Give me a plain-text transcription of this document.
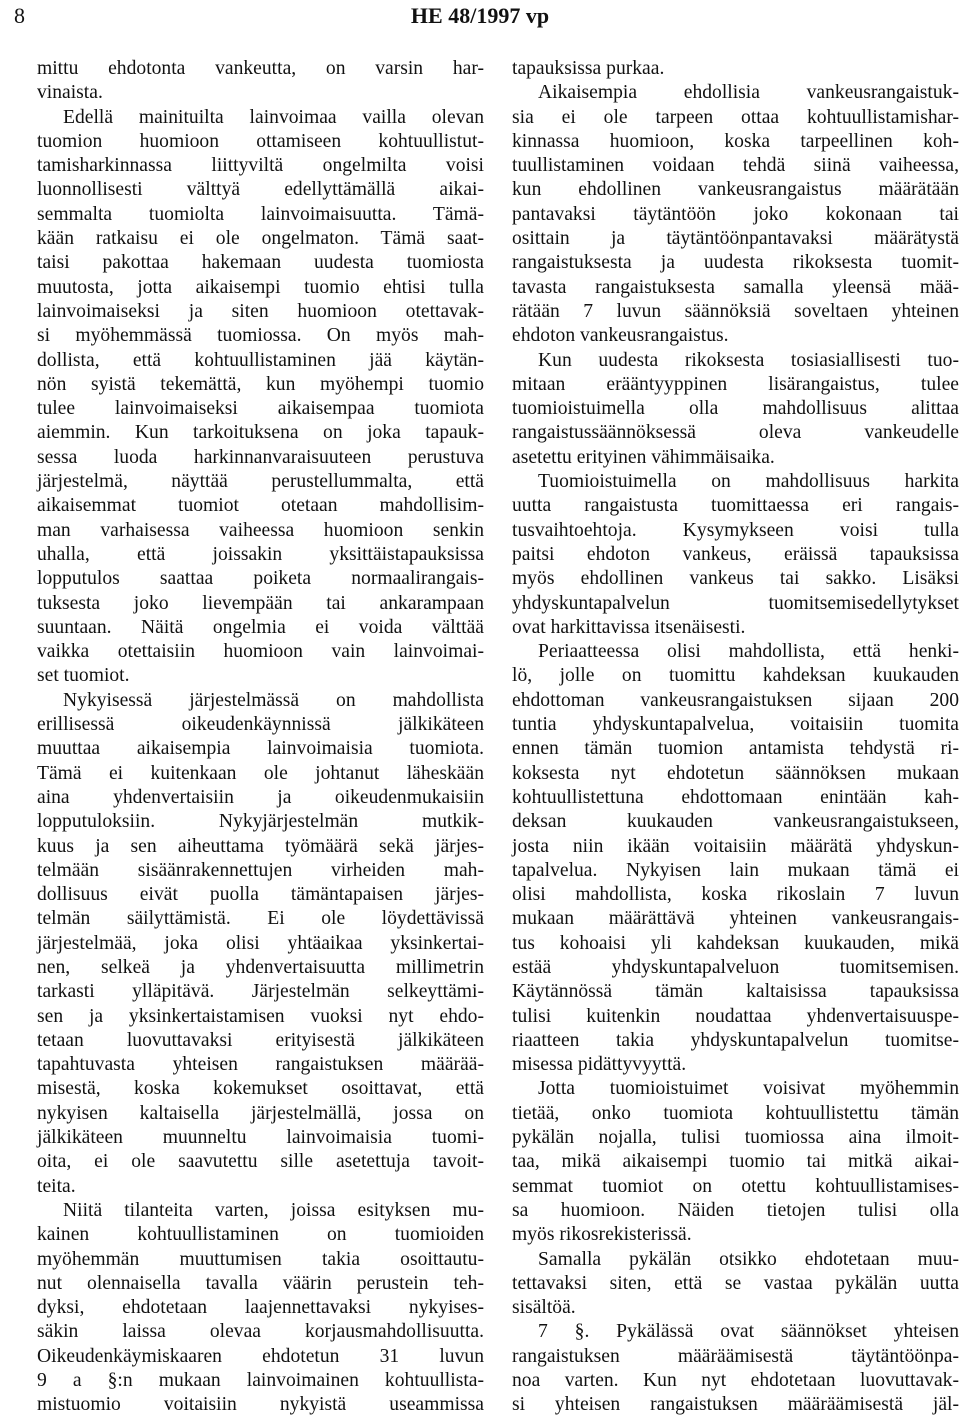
8	HE 48/1997 vp
mittu ehdotonta vankeutta, on varsin har-
vinaista.
Edellä mainituilta lainvoimaa vailla olevan
tuomion huomioon ottamiseen kohtuullistut-
tamisharkinnassa liittyviltä ongelmilta voisi
luonnollisesti välttyä edellyttämällä aikai-
semmalta tuomiolta lainvoimaisuutta. Tämä-
kään ratkaisu ei ole ongelmaton. Tämä saat-
taisi pakottaa hakemaan uudesta tuomiosta
muutosta, jotta aikaisempi tuomio ehtisi tulla
lainvoimaiseksi ja siten huomioon otettavak-
si myöhemmässä tuomiossa. On myös mah-
dollista, että kohtuullistaminen jää käytän-
nön syistä tekemättä, kun myöhempi tuomio
tulee lainvoimaiseksi aikaisempaa tuomiota
aiemmin. Kun tarkoituksena on joka tapauk-
sessa luoda harkinnanvaraisuuteen perustuva
järjestelmä, näyttää perustellummalta, että
aikaisemmat tuomiot otetaan mahdollisim-
man varhaisessa vaiheessa huomioon senkin
uhalla, että joissakin yksittäistapauksissa
lopputulos saattaa poiketa normaalirangais-
tuksesta joko lievempään tai ankarampaan
suuntaan. Näitä ongelmia ei voida välttää
vaikka otettaisiin huomioon vain lainvoimai-
set tuomiot.
Nykyisessä järjestelmässä on mahdollista
erillisessä oikeudenkäynnissä jälkikäteen
muuttaa aikaisempia lainvoimaisia tuomiota.
Tämä ei kuitenkaan ole johtanut läheskään
aina yhdenvertaisiin ja oikeudenmukaisiin
lopputuloksiin. Nykyjärjestelmän mutkik-
kuus ja sen aiheuttama työmäärä sekä järjes-
telmään sisäänrakennettujen virheiden mah-
dollisuus eivät puolla tämäntapaisen järjes-
telmän säilyttämistä. Ei ole löydettävissä
järjestelmää, joka olisi yhtäaikaa yksinkertai-
nen, selkeä ja yhdenvertaisuutta millimetrin
tarkasti ylläpitävä. Järjestelmän selkeyttämi-
sen ja yksinkertaistamisen vuoksi nyt ehdo-
tetaan luovuttavaksi erityisestä jälkikäteen
tapahtuvasta yhteisen rangaistuksen määrää-
misestä, koska kokemukset osoittavat, että
nykyisen kaltaisella järjestelmällä, jossa on
jälkikäteen muunneltu lainvoimaisia tuomi-
oita, ei ole saavutettu sille asetettuja tavoit-
teita.
Niitä tilanteita varten, joissa esityksen mu-
kainen kohtuullistaminen on tuomioiden
myöhemmän muuttumisen takia osoittautu-
nut olennaisella tavalla väärin perustein teh-
dyksi, ehdotetaan laajennettavaksi nykyises-
säkin laissa olevaa korjausmahdollisuutta.
Oikeudenkäymiskaaren ehdotetun 31 luvun
9 a §:n mukaan lainvoimainen kohtuullista-
mistuomio voitaisiin nykyistä useammissa
tapauksissa purkaa.
Aikaisempia ehdollisia vankeusrangaistuk-
sia ei ole tarpeen ottaa kohtuullistamishar-
kinnassa huomioon, koska tarpeellinen koh-
tuullistaminen voidaan tehdä siinä vaiheessa,
kun ehdollinen vankeusrangaistus määrätään
pantavaksi täytäntöön joko kokonaan tai
osittain ja täytäntöönpantavaksi määrätystä
rangaistuksesta ja uudesta rikoksesta tuomit-
tavasta rangaistuksesta samalla yleensä mää-
rätään 7 luvun säännöksiä soveltaen yhteinen
ehdoton vankeusrangaistus.
Kun uudesta rikoksesta tosiasiallisesti tuo-
mitaan erääntyyppinen lisärangaistus, tulee
tuomioistuimella olla mahdollisuus alittaa
rangaistussäännöksessä oleva vankeudelle
asetettu erityinen vähimmäisaika.
Tuomioistuimella on mahdollisuus harkita
uutta rangaistusta tuomittaessa eri rangais-
tusvaihtoehtoja. Kysymykseen voisi tulla
paitsi ehdoton vankeus, eräissä tapauksissa
myös ehdollinen vankeus tai sakko. Lisäksi
yhdyskuntapalvelun tuomitsemisedellytykset
ovat harkittavissa itsenäisesti.
Periaatteessa olisi mahdollista, että henki-
lö, jolle on tuomittu kahdeksan kuukauden
ehdottoman vankeusrangaistuksen sijaan 200
tuntia yhdyskuntapalvelua, voitaisiin tuomita
ennen tämän tuomion antamista tehdystä ri-
koksesta nyt ehdotetun säännöksen mukaan
kohtuullistettuna ehdottomaan enintään kah-
deksan kuukauden vankeusrangaistukseen,
josta niin ikään voitaisiin määrätä yhdyskun-
tapalvelua. Nykyisen lain mukaan tämä ei
olisi mahdollista, koska rikoslain 7 luvun
mukaan määrättävä yhteinen vankeusrangais-
tus kohoaisi yli kahdeksan kuukauden, mikä
estää yhdyskuntapalveluon tuomitsemisen.
Käytännössä tämän kaltaisissa tapauksissa
tulisi kuitenkin noudattaa yhdenvertaisuuspe-
riaatteen takia yhdyskuntapalvelun tuomitse-
misessa pidättyvyyttä.
Jotta tuomioistuimet voisivat myöhemmin
tietää, onko tuomiota kohtuullistettu tämän
pykälän nojalla, tulisi tuomiossa aina ilmoit-
taa, mikä aikaisempi tuomio tai mitkä aikai-
semmat tuomiot on otettu kohtuullistamises-
sa huomioon. Näiden tietojen tulisi olla
myös rikosrekisterissä.
Samalla pykälän otsikko ehdotetaan muu-
tettavaksi siten, että se vastaa pykälän uutta
sisältöä.
7 §. Pykälässä ovat säännökset yhteisen
rangaistuksen määräämisestä täytäntöönpa-
noa varten. Kun nyt ehdotetaan luovuttavak-
si yhteisen rangaistuksen määräämisestä jäl-
